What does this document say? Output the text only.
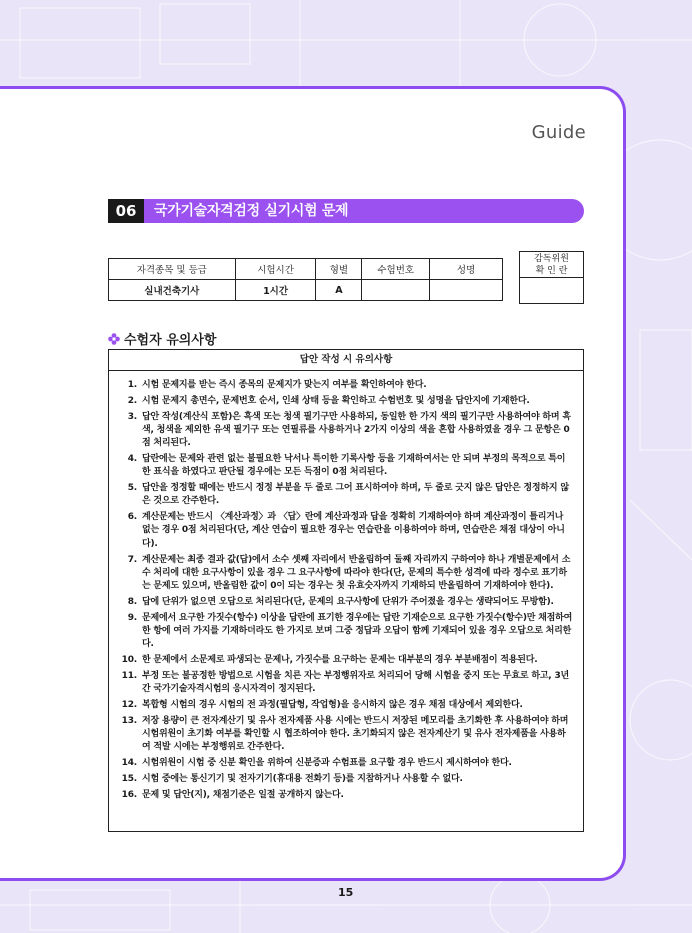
Guide
06	국가기술자격검정 실기시험 문제
자격종목 및 등급	시험시간	형별	수험번호	성명
실내건축기사	1시간	A		
감독위원
확 인 란
수험자 유의사항
답안 작성 시 유의사항
1. 시험 문제지를 받는 즉시 종목의 문제지가 맞는지 여부를 확인하여야 한다.
2. 시험 문제지 총면수, 문제번호 순서, 인쇄 상태 등을 확인하고 수험번호 및 성명을 답안지에 기재한다.
3. 답안 작성(계산식 포함)은 흑색 또는 청색 필기구만 사용하되, 동일한 한 가지 색의 필기구만 사용하여야 하며 흑색, 청색을 제외한 유색 필기구 또는 연필류를 사용하거나 2가지 이상의 색을 혼합 사용하였을 경우 그 문항은 0점 처리된다.
4. 답란에는 문제와 관련 없는 불필요한 낙서나 특이한 기록사항 등을 기재하여서는 안 되며 부정의 목적으로 특이한 표식을 하였다고 판단될 경우에는 모든 득점이 0점 처리된다.
5. 답안을 정정할 때에는 반드시 정정 부분을 두 줄로 그어 표시하여야 하며, 두 줄로 긋지 않은 답안은 정정하지 않은 것으로 간주한다.
6. 계산문제는 반드시 〈계산과정〉과 〈답〉란에 계산과정과 답을 정확히 기재하여야 하며 계산과정이 틀리거나 없는 경우 0점 처리된다(단, 계산 연습이 필요한 경우는 연습란을 이용하여야 하며, 연습란은 채점 대상이 아니다).
7. 계산문제는 최종 결과 값(답)에서 소수 셋째 자리에서 반올림하여 둘째 자리까지 구하여야 하나 개별문제에서 소수 처리에 대한 요구사항이 있을 경우 그 요구사항에 따라야 한다(단, 문제의 특수한 성격에 따라 정수로 표기하는 문제도 있으며, 반올림한 값이 0이 되는 경우는 첫 유효숫자까지 기재하되 반올림하여 기재하여야 한다).
8. 답에 단위가 없으면 오답으로 처리된다(단, 문제의 요구사항에 단위가 주어졌을 경우는 생략되어도 무방함).
9. 문제에서 요구한 가짓수(항수) 이상을 답란에 표기한 경우에는 답란 기재순으로 요구한 가짓수(항수)만 채점하여 한 항에 여러 가지를 기재하더라도 한 가지로 보며 그중 정답과 오답이 함께 기재되어 있을 경우 오답으로 처리한다.
10. 한 문제에서 소문제로 파생되는 문제나, 가짓수를 요구하는 문제는 대부분의 경우 부분배점이 적용된다.
11. 부정 또는 불공정한 방법으로 시험을 치른 자는 부정행위자로 처리되어 당해 시험을 중지 또는 무효로 하고, 3년간 국가기술자격시험의 응시자격이 정지된다.
12. 복합형 시험의 경우 시험의 전 과정(필답형, 작업형)을 응시하지 않은 경우 채점 대상에서 제외한다.
13. 저장 용량이 큰 전자계산기 및 유사 전자제품 사용 시에는 반드시 저장된 메모리를 초기화한 후 사용하여야 하며 시험위원이 초기화 여부를 확인할 시 협조하여야 한다. 초기화되지 않은 전자계산기 및 유사 전자제품을 사용하여 적발 시에는 부정행위로 간주한다.
14. 시험위원이 시험 중 신분 확인을 위하여 신분증과 수험표를 요구할 경우 반드시 제시하여야 한다.
15. 시험 중에는 통신기기 및 전자기기(휴대용 전화기 등)를 지참하거나 사용할 수 없다.
16. 문제 및 답안(지), 채점기준은 일절 공개하지 않는다.
15
